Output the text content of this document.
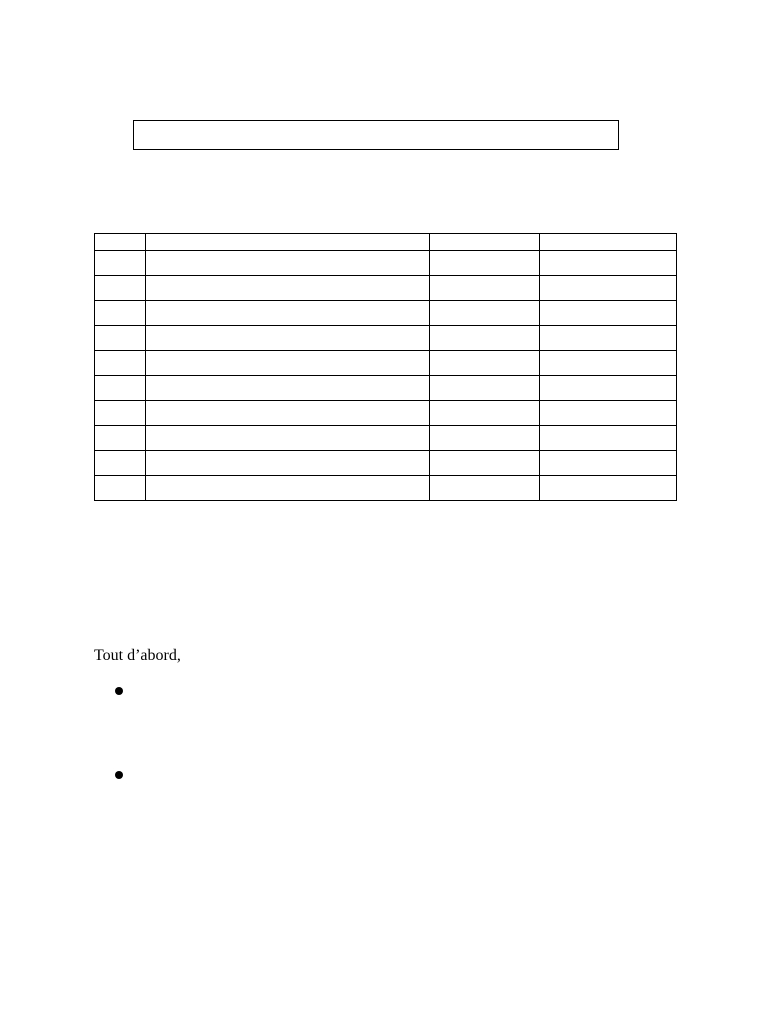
Tout d’abord,
